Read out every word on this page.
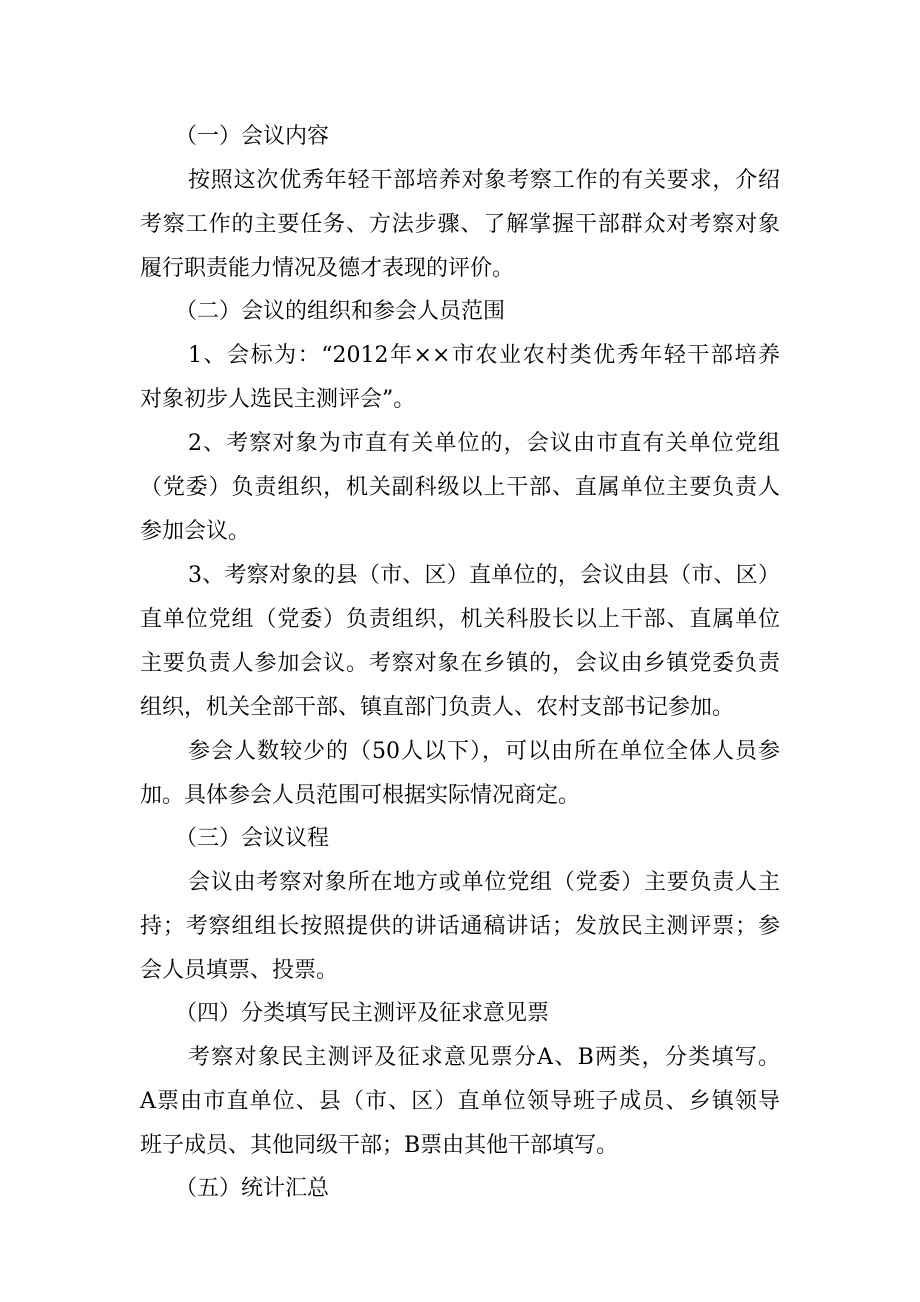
（一）会议内容
按照这次优秀年轻干部培养对象考察工作的有关要求，介绍
考察工作的主要任务、方法步骤、了解掌握干部群众对考察对象
履行职责能力情况及德才表现的评价。
（二）会议的组织和参会人员范围
1、会标为：“2012年××市农业农村类优秀年轻干部培养
对象初步人选民主测评会”。
2、考察对象为市直有关单位的，会议由市直有关单位党组
（党委）负责组织，机关副科级以上干部、直属单位主要负责人
参加会议。
3、考察对象的县（市、区）直单位的，会议由县（市、区）
直单位党组（党委）负责组织，机关科股长以上干部、直属单位
主要负责人参加会议。考察对象在乡镇的，会议由乡镇党委负责
组织，机关全部干部、镇直部门负责人、农村支部书记参加。
参会人数较少的（50人以下），可以由所在单位全体人员参
加。具体参会人员范围可根据实际情况商定。
（三）会议议程
会议由考察对象所在地方或单位党组（党委）主要负责人主
持；考察组组长按照提供的讲话通稿讲话；发放民主测评票；参
会人员填票、投票。
（四）分类填写民主测评及征求意见票
考察对象民主测评及征求意见票分A、B两类，分类填写。
A票由市直单位、县（市、区）直单位领导班子成员、乡镇领导
班子成员、其他同级干部；B票由其他干部填写。
（五）统计汇总
